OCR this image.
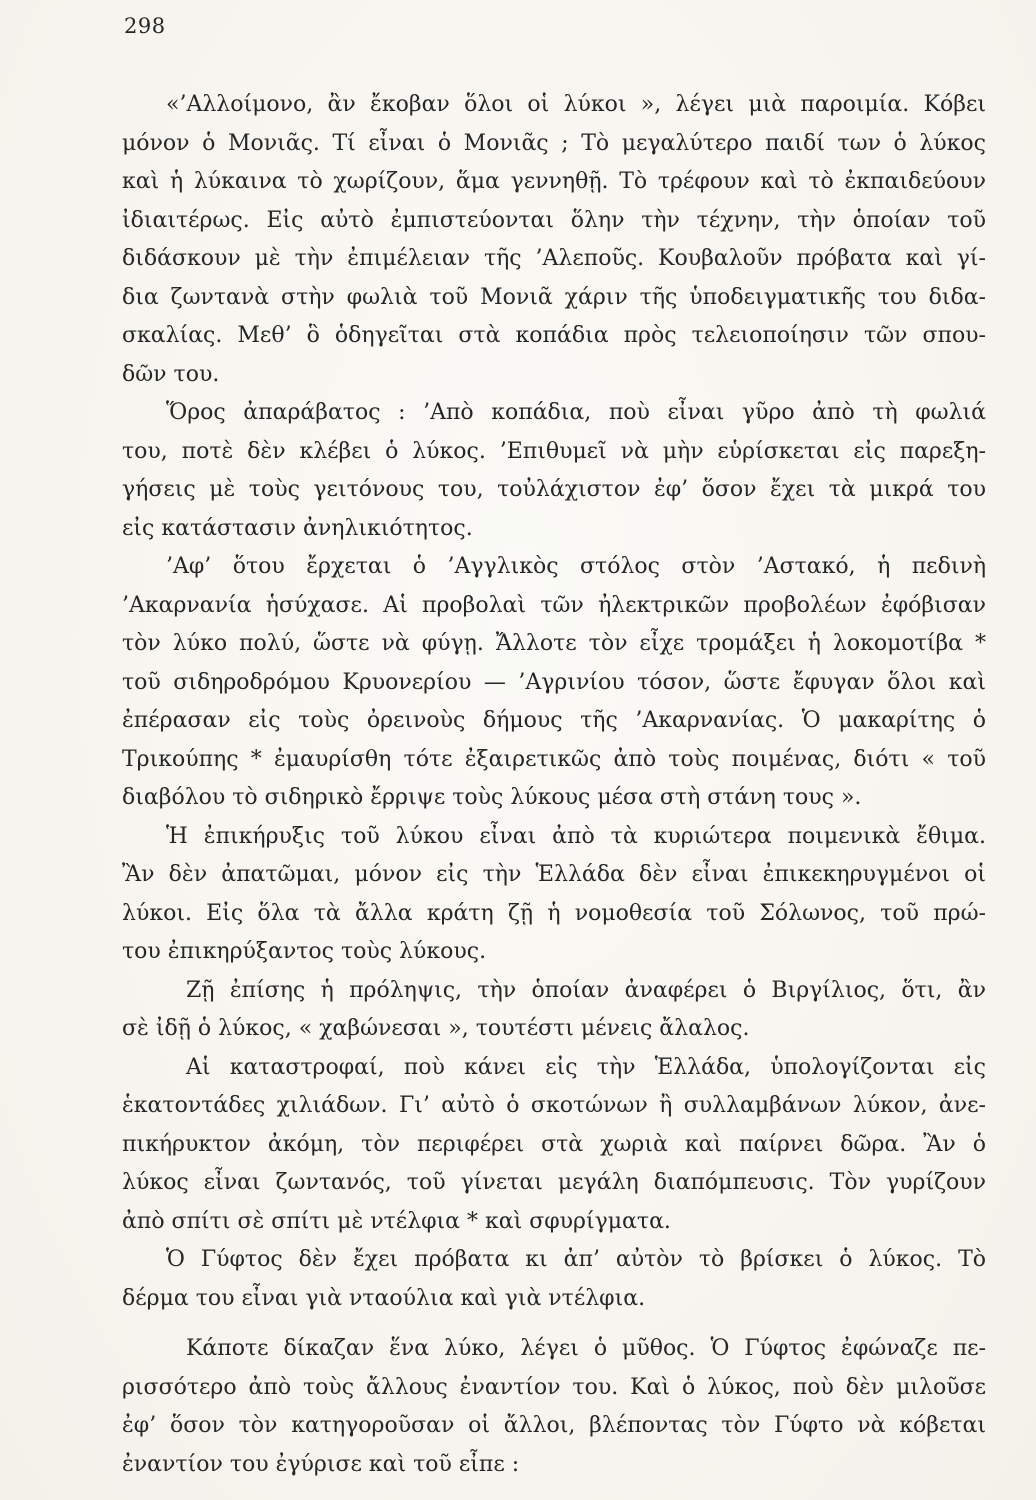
298

«’Αλλοίμονο, ἂν ἔκοβαν ὅλοι οἱ λύκοι », λέγει μιὰ παροιμία. Κόβει
μόνον ὁ Μονιᾶς. Τί εἶναι ὁ Μονιᾶς ; Τὸ μεγαλύτερο παιδί των ὁ λύκος
καὶ ἡ λύκαινα τὸ χωρίζουν, ἅμα γεννηθῇ. Τὸ τρέφουν καὶ τὸ ἐκπαιδεύουν
ἰδιαιτέρως. Εἰς αὐτὸ ἐμπιστεύονται ὅλην τὴν τέχνην, τὴν ὁποίαν τοῦ
διδάσκουν μὲ τὴν ἐπιμέλειαν τῆς ’Αλεποῦς. Κουβαλοῦν πρόβατα καὶ γί-
δια ζωντανὰ στὴν φωλιὰ τοῦ Μονιᾶ χάριν τῆς ὑποδειγματικῆς του διδα-
σκαλίας. Μεθ’ ὃ ὁδηγεῖται στὰ κοπάδια πρὸς τελειοποίησιν τῶν σπου-
δῶν του.

Ὅρος ἀπαράβατος : ’Απὸ κοπάδια, ποὺ εἶναι γῦρο ἀπὸ τὴ φωλιά
του, ποτὲ δὲν κλέβει ὁ λύκος. ’Επιθυμεῖ νὰ μὴν εὑρίσκεται εἰς παρεξη-
γήσεις μὲ τοὺς γειτόνους του, τοὐλάχιστον ἐφ’ ὅσον ἔχει τὰ μικρά του
εἰς κατάστασιν ἀνηλικιότητος.

’Αφ’ ὅτου ἔρχεται ὁ ’Αγγλικὸς στόλος στὸν ’Αστακό, ἡ πεδινὴ
’Ακαρνανία ἡσύχασε. Αἱ προβολαὶ τῶν ἠλεκτρικῶν προβολέων ἐφόβισαν
τὸν λύκο πολύ, ὥστε νὰ φύγῃ. Ἄλλοτε τὸν εἶχε τρομάξει ἡ λοκομοτίβα *
τοῦ σιδηροδρόμου Κρυονερίου — ’Αγρινίου τόσον, ὥστε ἔφυγαν ὅλοι καὶ
ἐπέρασαν εἰς τοὺς ὀρεινοὺς δήμους τῆς ’Ακαρνανίας. Ὁ μακαρίτης ὁ
Τρικούπης * ἐμαυρίσθη τότε ἐξαιρετικῶς ἀπὸ τοὺς ποιμένας, διότι « τοῦ
διαβόλου τὸ σιδηρικὸ ἔρριψε τοὺς λύκους μέσα στὴ στάνη τους ».

Ἡ ἐπικήρυξις τοῦ λύκου εἶναι ἀπὸ τὰ κυριώτερα ποιμενικὰ ἔθιμα.
Ἂν δὲν ἀπατῶμαι, μόνον εἰς τὴν Ἑλλάδα δὲν εἶναι ἐπικεκηρυγμένοι οἱ
λύκοι. Εἰς ὅλα τὰ ἄλλα κράτη ζῇ ἡ νομοθεσία τοῦ Σόλωνος, τοῦ πρώ-
του ἐπικηρύξαντος τοὺς λύκους.

Ζῇ ἐπίσης ἡ πρόληψις, τὴν ὁποίαν ἀναφέρει ὁ Βιργίλιος, ὅτι, ἂν
σὲ ἰδῇ ὁ λύκος, « χαβώνεσαι », τουτέστι μένεις ἄλαλος.

Αἱ καταστροφαί, ποὺ κάνει εἰς τὴν Ἑλλάδα, ὑπολογίζονται εἰς
ἑκατοντάδες χιλιάδων. Γι’ αὐτὸ ὁ σκοτώνων ἢ συλλαμβάνων λύκον, ἀνε-
πικήρυκτον ἀκόμη, τὸν περιφέρει στὰ χωριὰ καὶ παίρνει δῶρα. Ἂν ὁ
λύκος εἶναι ζωντανός, τοῦ γίνεται μεγάλη διαπόμπευσις. Τὸν γυρίζουν
ἀπὸ σπίτι σὲ σπίτι μὲ ντέλφια * καὶ σφυρίγματα.

Ὁ Γύφτος δὲν ἔχει πρόβατα κι ἀπ’ αὐτὸν τὸ βρίσκει ὁ λύκος. Τὸ
δέρμα του εἶναι γιὰ νταούλια καὶ γιὰ ντέλφια.

Κάποτε δίκαζαν ἕνα λύκο, λέγει ὁ μῦθος. Ὁ Γύφτος ἐφώναζε πε-
ρισσότερο ἀπὸ τοὺς ἄλλους ἐναντίον του. Καὶ ὁ λύκος, ποὺ δὲν μιλοῦσε
ἐφ’ ὅσον τὸν κατηγοροῦσαν οἱ ἄλλοι, βλέποντας τὸν Γύφτο νὰ κόβεται
ἐναντίον του ἐγύρισε καὶ τοῦ εἶπε :
